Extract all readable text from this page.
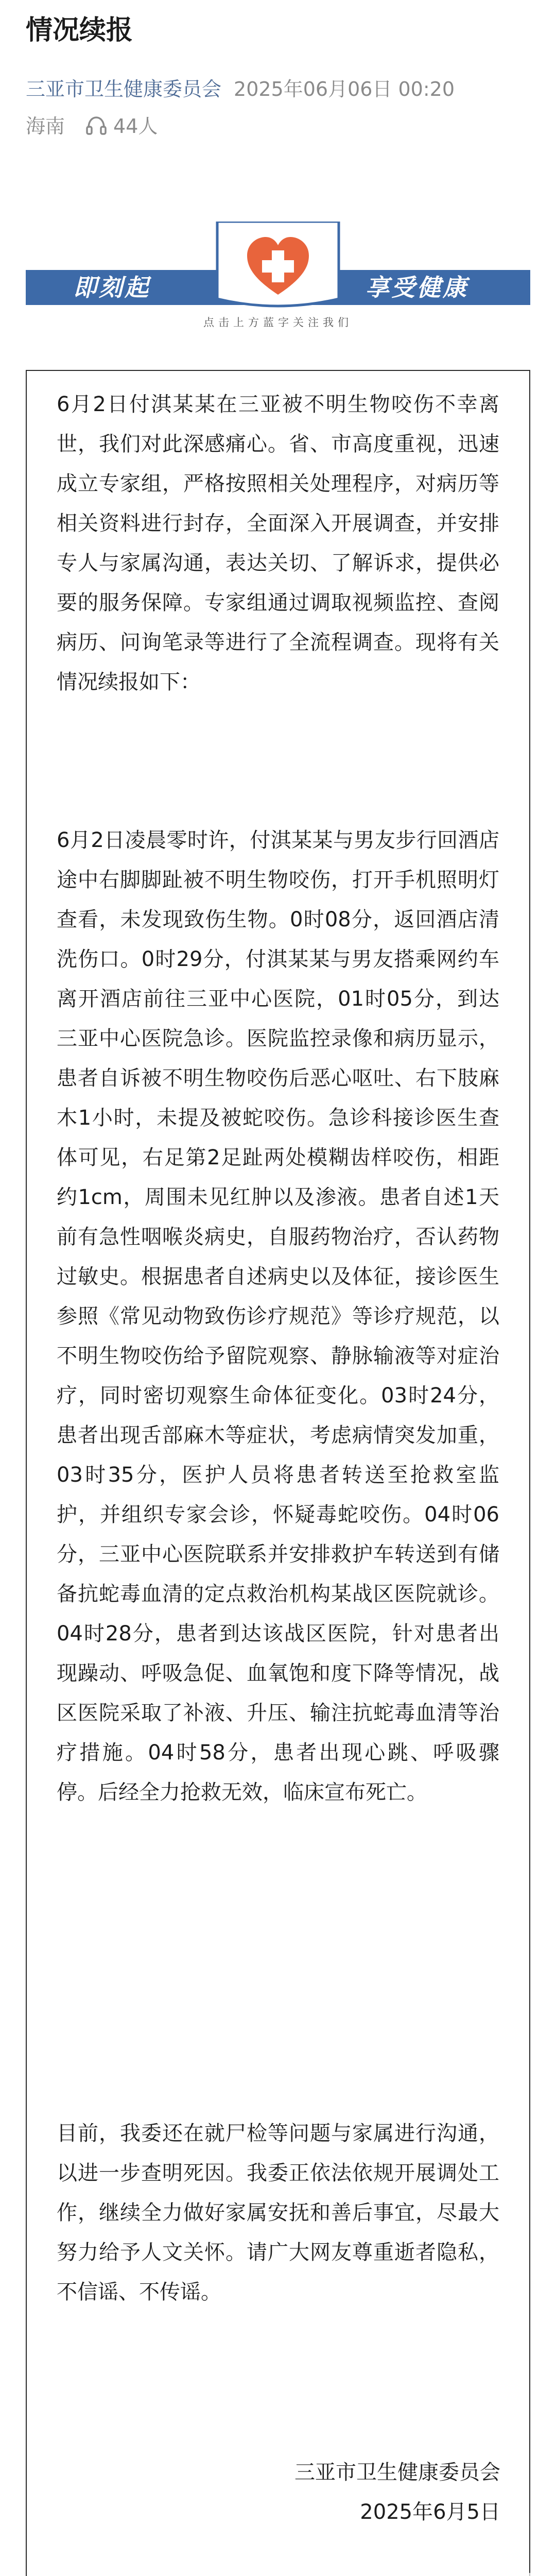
情况续报
三亚市卫生健康委员会 2025年06月06日 00:20
海南 44人
即刻起	享受健康
点击上方蓝字关注我们

6月2日付淇某某在三亚被不明生物咬伤不幸离世，我们对此深感痛心。省、市高度重视，迅速成立专家组，严格按照相关处理程序，对病历等相关资料进行封存，全面深入开展调查，并安排专人与家属沟通，表达关切、了解诉求，提供必要的服务保障。专家组通过调取视频监控、查阅病历、问询笔录等进行了全流程调查。现将有关情况续报如下：

6月2日凌晨零时许，付淇某某与男友步行回酒店途中右脚脚趾被不明生物咬伤，打开手机照明灯查看，未发现致伤生物。0时08分，返回酒店清洗伤口。0时29分，付淇某某与男友搭乘网约车离开酒店前往三亚中心医院，01时05分，到达三亚中心医院急诊。医院监控录像和病历显示，患者自诉被不明生物咬伤后恶心呕吐、右下肢麻木1小时，未提及被蛇咬伤。急诊科接诊医生查体可见，右足第2足趾两处模糊齿样咬伤，相距约1cm，周围未见红肿以及渗液。患者自述1天前有急性咽喉炎病史，自服药物治疗，否认药物过敏史。根据患者自述病史以及体征，接诊医生参照《常见动物致伤诊疗规范》等诊疗规范，以不明生物咬伤给予留院观察、静脉输液等对症治疗，同时密切观察生命体征变化。03时24分，患者出现舌部麻木等症状，考虑病情突发加重，03时35分，医护人员将患者转送至抢救室监护，并组织专家会诊，怀疑毒蛇咬伤。04时06分，三亚中心医院联系并安排救护车转送到有储备抗蛇毒血清的定点救治机构某战区医院就诊。04时28分，患者到达该战区医院，针对患者出现躁动、呼吸急促、血氧饱和度下降等情况，战区医院采取了补液、升压、输注抗蛇毒血清等治疗措施。04时58分，患者出现心跳、呼吸骤停。后经全力抢救无效，临床宣布死亡。

目前，我委还在就尸检等问题与家属进行沟通，以进一步查明死因。我委正依法依规开展调处工作，继续全力做好家属安抚和善后事宜，尽最大努力给予人文关怀。请广大网友尊重逝者隐私，不信谣、不传谣。

三亚市卫生健康委员会
2025年6月5日
